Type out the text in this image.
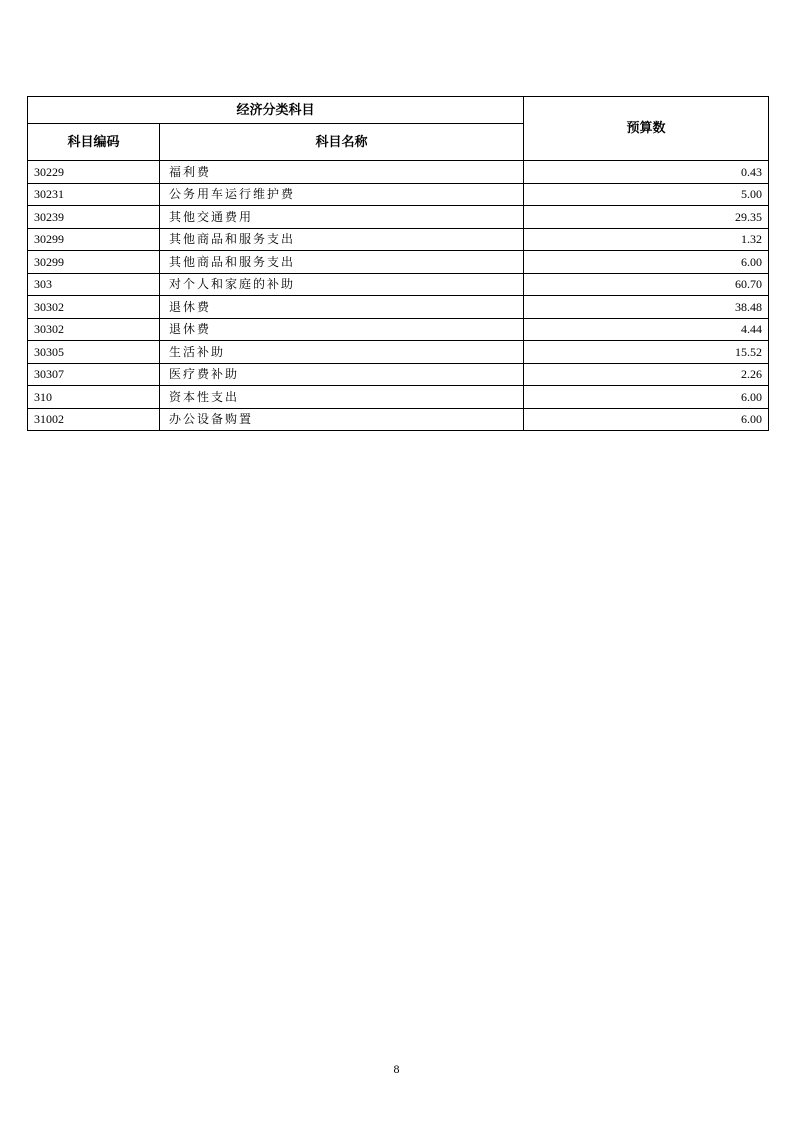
经济分类科目		预算数
科目编码	科目名称	
30229	福利费	0.43
30231	公务用车运行维护费	5.00
30239	其他交通费用	29.35
30299	其他商品和服务支出	1.32
30299	其他商品和服务支出	6.00
303	对个人和家庭的补助	60.70
30302	退休费	38.48
30302	退休费	4.44
30305	生活补助	15.52
30307	医疗费补助	2.26
310	资本性支出	6.00
31002	办公设备购置	6.00
8
